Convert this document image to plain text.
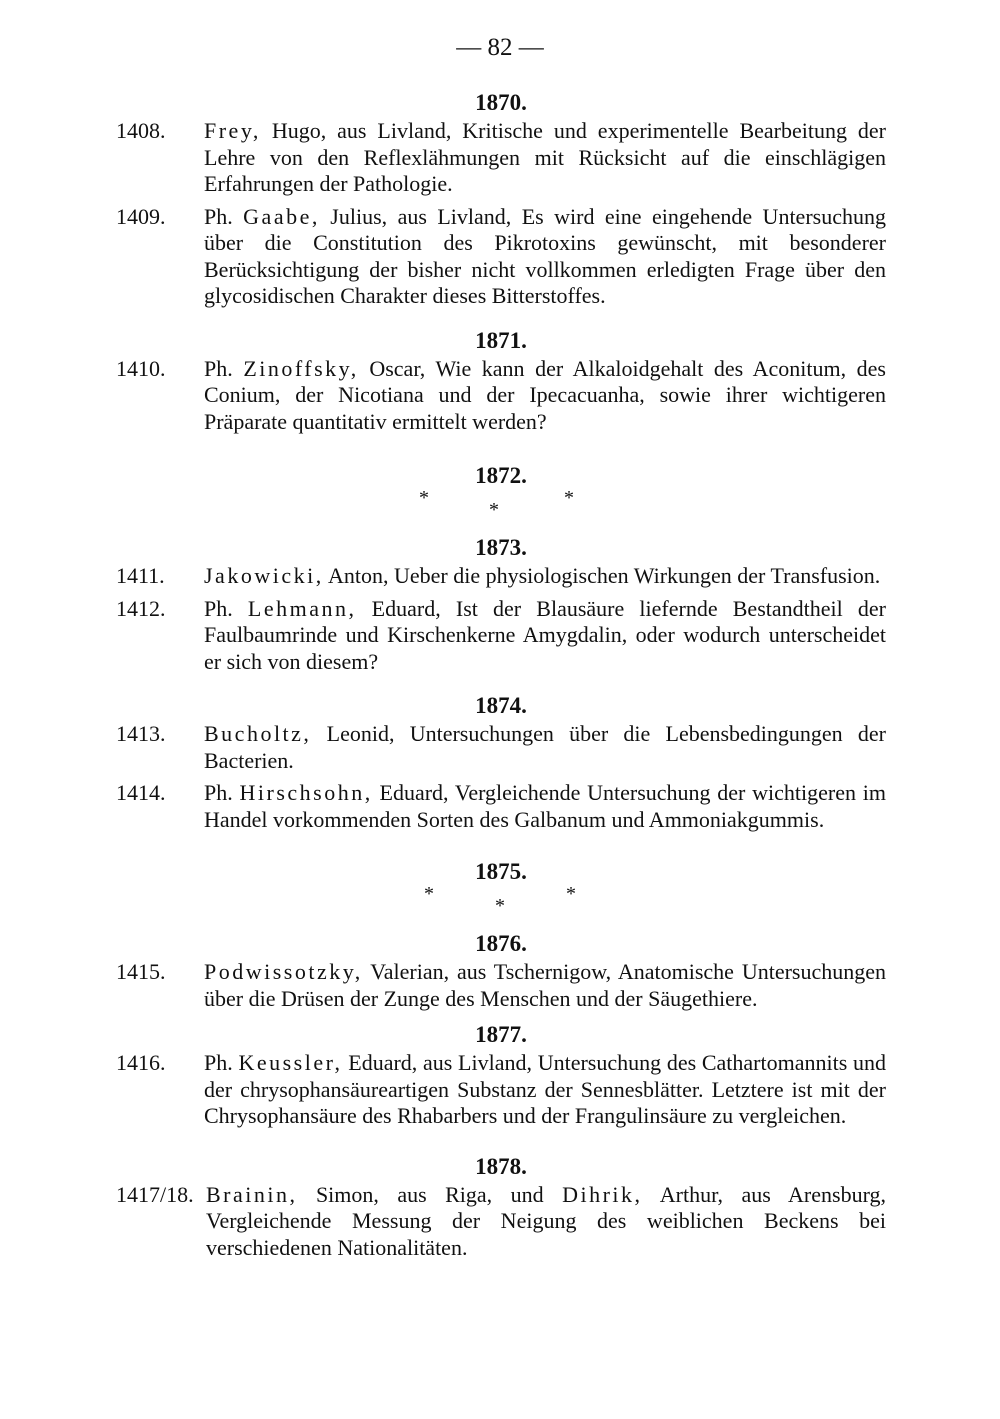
— 82 —
1870.
1408. Frey, Hugo, aus Livland, Kritische und experimentelle Bearbeitung der Lehre von den Reflexlähmungen mit Rücksicht auf die einschlägigen Erfahrungen der Pathologie.
1409. Ph. Gaabe, Julius, aus Livland, Es wird eine eingehende Untersuchung über die Constitution des Pikrotoxins gewünscht, mit besonderer Berücksichtigung der bisher nicht vollkommen erledigten Frage über den glycosidischen Charakter dieses Bitterstoffes.
1871.
1410. Ph. Zinoffsky, Oscar, Wie kann der Alkaloidgehalt des Aconitum, des Conium, der Nicotiana und der Ipecacuanha, sowie ihrer wichtigeren Präparate quantitativ ermittelt werden?
1872.
*
*
*
1873.
1411. Jakowicki, Anton, Ueber die physiologischen Wirkungen der Transfusion.
1412. Ph. Lehmann, Eduard, Ist der Blausäure liefernde Bestandtheil der Faulbaumrinde und Kirschenkerne Amygdalin, oder wodurch unterscheidet er sich von diesem?
1874.
1413. Bucholtz, Leonid, Untersuchungen über die Lebensbedingungen der Bacterien.
1414. Ph. Hirschsohn, Eduard, Vergleichende Untersuchung der wichtigeren im Handel vorkommenden Sorten des Galbanum und Ammoniakgummis.
1875.
*
*
*
1876.
1415. Podwissotzky, Valerian, aus Tschernigow, Anatomische Untersuchungen über die Drüsen der Zunge des Menschen und der Säugethiere.
1877.
1416. Ph. Keussler, Eduard, aus Livland, Untersuchung des Cathartomannits und der chrysophansäureartigen Substanz der Sennesblätter. Letztere ist mit der Chrysophansäure des Rhabarbers und der Frangulinsäure zu vergleichen.
1878.
1417/18. Brainin, Simon, aus Riga, und Dihrik, Arthur, aus Arensburg, Vergleichende Messung der Neigung des weiblichen Beckens bei verschiedenen Nationalitäten.
